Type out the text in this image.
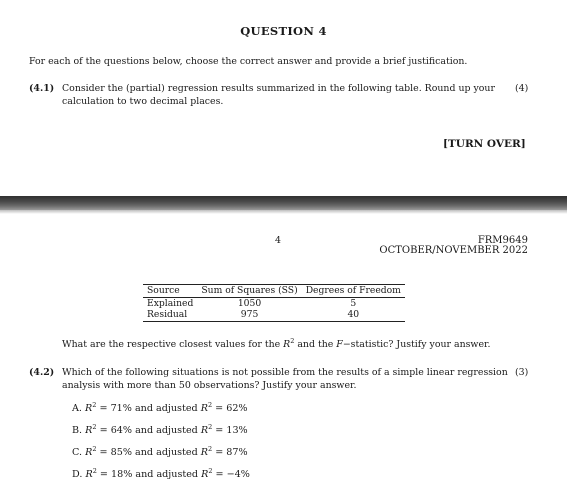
QUESTION 4
For each of the questions below, choose the correct answer and provide a brief justification.
(4.1) Consider the (partial) regression results summarized in the following table. Round up your
calculation to two decimal places.
(4)
[TURN OVER]
4	FRM9649
OCTOBER/NOVEMBER 2022
Source	Sum of Squares (SS)	Degrees of Freedom
Explained	1050	5
Residual	975	40
What are the respective closest values for the $R^2$ and the F−statistic? Justify your answer.
(4.2) Which of the following situations is not possible from the results of a simple linear regression
analysis with more than 50 observations? Justify your answer.
(3)
A. $R^2 = 71\%$ and adjusted $R^2 = 62\%$
B. $R^2 = 64\%$ and adjusted $R^2 = 13\%$
C. $R^2 = 85\%$ and adjusted $R^2 = 87\%$
D. $R^2 = 18\%$ and adjusted $R^2 = -4\%$
